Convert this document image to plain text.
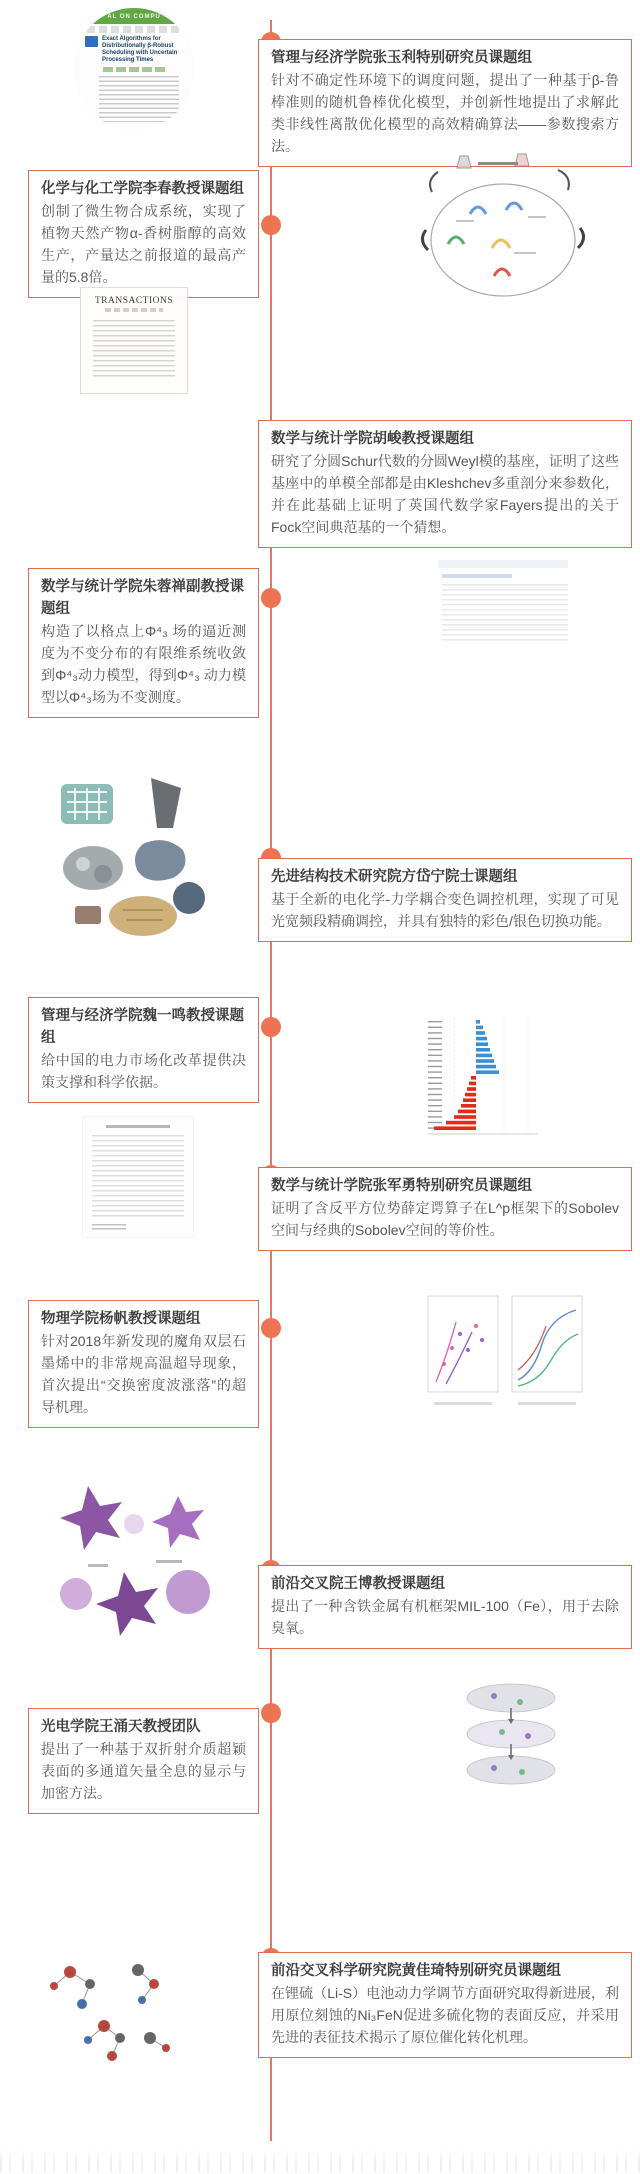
AL ON COMPU
Exact Algorithms for Distributionally β-Robust Scheduling with Uncertain Processing Times	管理与经济学院张玉利特别研究员课题组
针对不确定性环境下的调度问题，提出了一种基于β-鲁棒准则的随机鲁棒优化模型，并创新性地提出了求解此类非线性离散优化模型的高效精确算法——参数搜索方法。
化学与化工学院李春教授课题组
创制了微生物合成系统，实现了植物天然产物α-香树脂醇的高效生产，产量达之前报道的最高产量的5.8倍。
TRANSACTIONS
数学与统计学院胡峻教授课题组
研究了分圆Schur代数的分圆Weyl模的基座，证明了这些基座中的单模全部都是由Kleshchev多重剖分来参数化，并在此基础上证明了英国代数学家Fayers提出的关于Fock空间典范基的一个猜想。
数学与统计学院朱蓉禅副教授课题组
构造了以格点上Φ⁴₃ 场的逼近测度为不变分布的有限维系统收敛到Φ⁴₃动力模型，得到Φ⁴₃ 动力模型以Φ⁴₃场为不变测度。
先进结构技术研究院方岱宁院士课题组
基于全新的电化学-力学耦合变色调控机理，实现了可见光宽频段精确调控，并具有独特的彩色/银色切换功能。
管理与经济学院魏一鸣教授课题组
给中国的电力市场化改革提供决策支撑和科学依据。
数学与统计学院张军勇特别研究员课题组
证明了含反平方位势薛定谔算子在L^p框架下的Sobolev空间与经典的Sobolev空间的等价性。
物理学院杨帆教授课题组
针对2018年新发现的魔角双层石墨烯中的非常规高温超导现象，首次提出“交换密度波涨落”的超导机理。
前沿交叉院王博教授课题组
提出了一种含铁金属有机框架MIL-100（Fe），用于去除臭氧。
光电学院王涌天教授团队
提出了一种基于双折射介质超颖表面的多通道矢量全息的显示与加密方法。
前沿交叉科学研究院黄佳琦特别研究员课题组
在锂硫（Li-S）电池动力学调节方面研究取得新进展，利用原位刻蚀的Ni₃FeN促进多硫化物的表面反应，并采用先进的表征技术揭示了原位催化转化机理。
